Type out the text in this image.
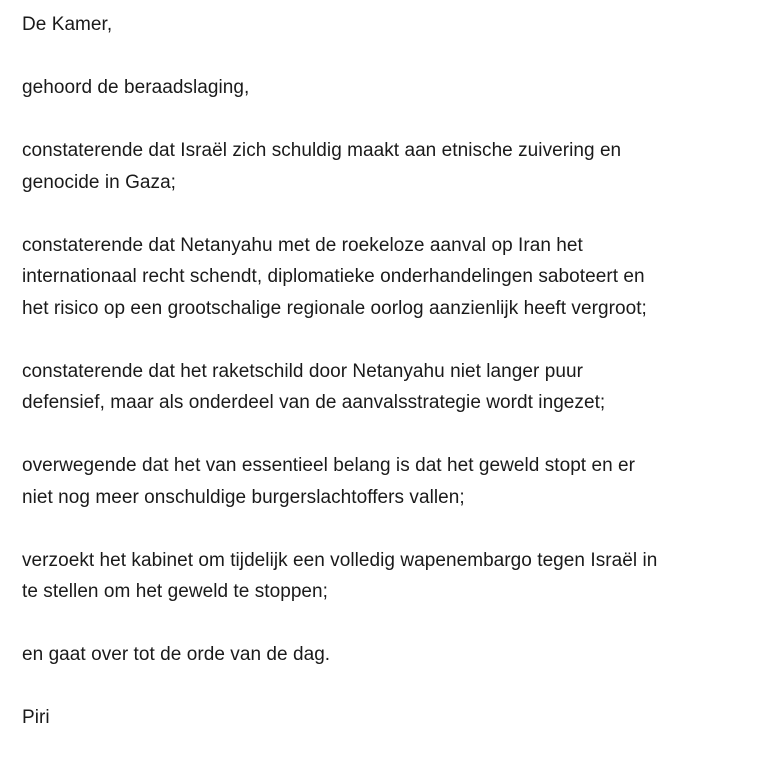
De Kamer,

gehoord de beraadslaging,

constaterende dat Israël zich schuldig maakt aan etnische zuivering en
genocide in Gaza;

constaterende dat Netanyahu met de roekeloze aanval op Iran het
internationaal recht schendt, diplomatieke onderhandelingen saboteert en
het risico op een grootschalige regionale oorlog aanzienlijk heeft vergroot;

constaterende dat het raketschild door Netanyahu niet langer puur
defensief, maar als onderdeel van de aanvalsstrategie wordt ingezet;

overwegende dat het van essentieel belang is dat het geweld stopt en er
niet nog meer onschuldige burgerslachtoffers vallen;

verzoekt het kabinet om tijdelijk een volledig wapenembargo tegen Israël in
te stellen om het geweld te stoppen;

en gaat over tot de orde van de dag.

Piri
